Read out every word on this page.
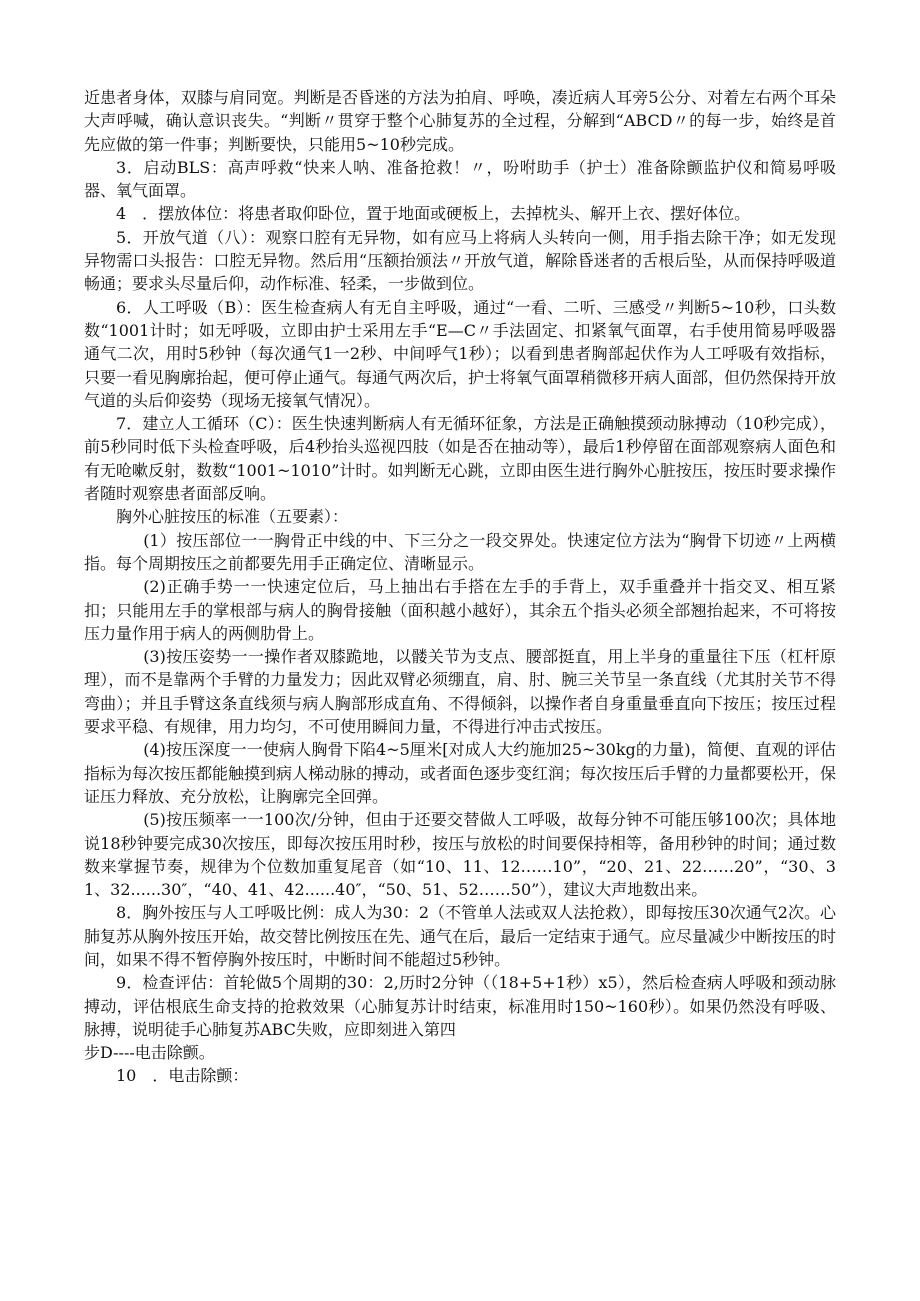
近患者身体，双膝与肩同宽。判断是否昏迷的方法为拍肩、呼唤，凑近病人耳旁5公分、对着左右两个耳朵大声呼喊，确认意识丧失。“判断〃贯穿于整个心肺复苏的全过程，分解到“ABCD〃的每一步，始终是首先应做的第一件事；判断要快，只能用5~10秒完成。

3．启动BLS：高声呼救“快来人呐、准备抢救！〃，吩咐助手（护士）准备除颤监护仪和简易呼吸器、氧气面罩。

4　．摆放体位：将患者取仰卧位，置于地面或硬板上，去掉枕头、解开上衣、摆好体位。

5．开放气道（八）：观察口腔有无异物，如有应马上将病人头转向一侧，用手指去除干净；如无发现异物需口头报告：口腔无异物。然后用“压额抬颁法〃开放气道，解除昏迷者的舌根后坠，从而保持呼吸道畅通；要求头尽量后仰，动作标准、轻柔，一步做到位。

6．人工呼吸（B）：医生检查病人有无自主呼吸，通过“一看、二听、三感受〃判断5~10秒，口头数数“1001计时；如无呼吸，立即由护士采用左手“E—C〃手法固定、扣紧氧气面罩，右手使用简易呼吸器通气二次，用时5秒钟（每次通气1一2秒、中间呼气1秒）；以看到患者胸部起伏作为人工呼吸有效指标，只要一看见胸廓抬起，便可停止通气。每通气两次后，护士将氧气面罩稍微移开病人面部，但仍然保持开放气道的头后仰姿势（现场无接氧气情况）。

7．建立人工循环（C）：医生快速判断病人有无循环征象，方法是正确触摸颈动脉搏动（10秒完成），前5秒同时低下头检查呼吸，后4秒抬头巡视四肢（如是否在抽动等），最后1秒停留在面部观察病人面色和有无呛嗽反射，数数“1001~1010”计时。如判断无心跳，立即由医生进行胸外心脏按压，按压时要求操作者随时观察患者面部反响。

胸外心脏按压的标准（五要素）：

(1）按压部位一一胸骨正中线的中、下三分之一段交界处。快速定位方法为“胸骨下切迹〃上两横指。每个周期按压之前都要先用手正确定位、清晰显示。

(2)正确手势一一快速定位后，马上抽出右手搭在左手的手背上，双手重叠并十指交叉、相互紧扣；只能用左手的掌根部与病人的胸骨接触（面积越小越好），其余五个指头必须全部翘抬起来，不可将按压力量作用于病人的两侧肋骨上。

(3)按压姿势一一操作者双膝跪地，以髅关节为支点、腰部挺直，用上半身的重量往下压（杠杆原理），而不是靠两个手臂的力量发力；因此双臂必须绷直，肩、肘、腕三关节呈一条直线（尤其肘关节不得弯曲）；并且手臂这条直线须与病人胸部形成直角、不得倾斜，以操作者自身重量垂直向下按压；按压过程要求平稳、有规律，用力均匀，不可使用瞬间力量，不得进行冲击式按压。

(4)按压深度一一使病人胸骨下陷4~5厘米[对成人大约施加25~30kg的力量)，简便、直观的评估指标为每次按压都能触摸到病人梯动脉的搏动，或者面色逐步变红润；每次按压后手臂的力量都要松开，保证压力释放、充分放松，让胸廓完全回弹。

(5)按压频率一一100次/分钟，但由于还要交替做人工呼吸，故每分钟不可能压够100次；具体地说18秒钟要完成30次按压，即每次按压用时秒，按压与放松的时间要保持相等，备用秒钟的时间；通过数数来掌握节奏，规律为个位数加重复尾音（如“10、11、12……10”，“20、21、22……20”，“30、31、32......30″，“40、41、42......40″，“50、51、52……50”），建议大声地数出来。

8．胸外按压与人工呼吸比例：成人为30：2（不管单人法或双人法抢救），即每按压30次通气2次。心肺复苏从胸外按压开始，故交替比例按压在先、通气在后，最后一定结束于通气。应尽量减少中断按压的时间，如果不得不暂停胸外按压时，中断时间不能超过5秒钟。

9．检查评估：首轮做5个周期的30：2,历时2分钟（（18+5+1秒）x5），然后检查病人呼吸和颈动脉搏动，评估根底生命支持的抢救效果（心肺复苏计时结束，标准用时150~160秒）。如果仍然没有呼吸、脉搏，说明徒手心肺复苏ABC失败，应即刻进入第四

步D----电击除颤。

10　．电击除颤：
